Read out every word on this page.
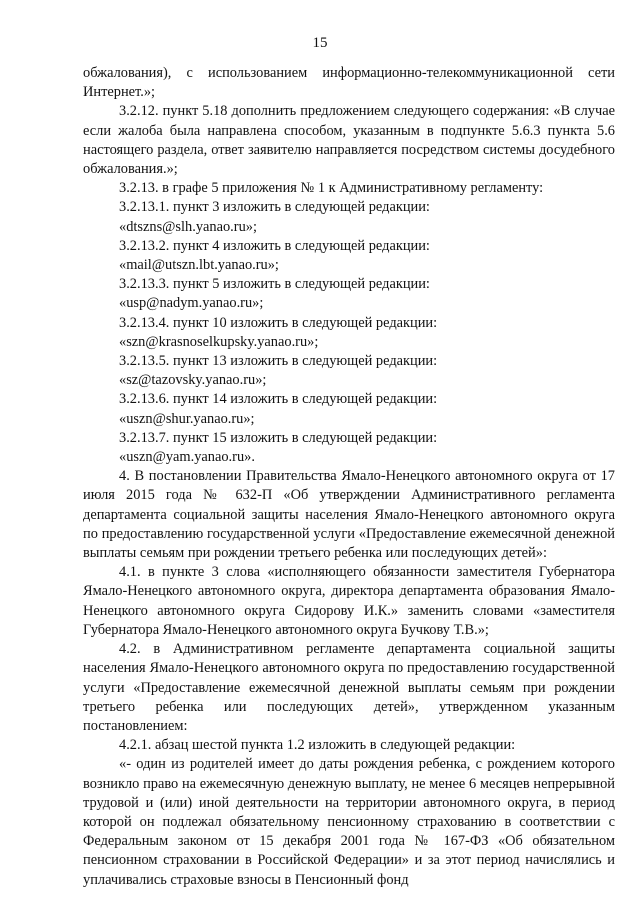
15

обжалования), с использованием информационно-телекоммуникационной сети Интернет.»;

3.2.12. пункт 5.18 дополнить предложением следующего содержания: «В случае если жалоба была направлена способом, указанным в подпункте 5.6.3 пункта 5.6 настоящего раздела, ответ заявителю направляется посредством системы досудебного обжалования.»;

3.2.13. в графе 5 приложения № 1 к Административному регламенту:

3.2.13.1. пункт 3 изложить в следующей редакции:

«dtszns@slh.yanao.ru»;

3.2.13.2. пункт 4 изложить в следующей редакции:

«mail@utszn.lbt.yanao.ru»;

3.2.13.3. пункт 5 изложить в следующей редакции:

«usp@nadym.yanao.ru»;

3.2.13.4. пункт 10 изложить в следующей редакции:

«szn@krasnoselkupsky.yanao.ru»;

3.2.13.5. пункт 13 изложить в следующей редакции:

«sz@tazovsky.yanao.ru»;

3.2.13.6. пункт 14 изложить в следующей редакции:

«uszn@shur.yanao.ru»;

3.2.13.7. пункт 15 изложить в следующей редакции:

«uszn@yam.yanao.ru».

4. В постановлении Правительства Ямало-Ненецкого автономного округа от 17 июля 2015 года № 632-П «Об утверждении Административного регламента департамента социальной защиты населения Ямало-Ненецкого автономного округа по предоставлению государственной услуги «Предоставление ежемесячной денежной выплаты семьям при рождении третьего ребенка или последующих детей»:

4.1. в пункте 3 слова «исполняющего обязанности заместителя Губернатора Ямало-Ненецкого автономного округа, директора департамента образования Ямало-Ненецкого автономного округа Сидорову И.К.» заменить словами «заместителя Губернатора Ямало-Ненецкого автономного округа Бучкову Т.В.»;

4.2. в Административном регламенте департамента социальной защиты населения Ямало-Ненецкого автономного округа по предоставлению государственной услуги «Предоставление ежемесячной денежной выплаты семьям при рождении третьего ребенка или последующих детей», утвержденном указанным постановлением:

4.2.1. абзац шестой пункта 1.2 изложить в следующей редакции:

«- один из родителей имеет до даты рождения ребенка, с рождением которого возникло право на ежемесячную денежную выплату, не менее 6 месяцев непрерывной трудовой и (или) иной деятельности на территории автономного округа, в период которой он подлежал обязательному пенсионному страхованию в соответствии с Федеральным законом от 15 декабря 2001 года № 167-ФЗ «Об обязательном пенсионном страховании в Российской Федерации» и за этот период начислялись и уплачивались страховые взносы в Пенсионный фонд
